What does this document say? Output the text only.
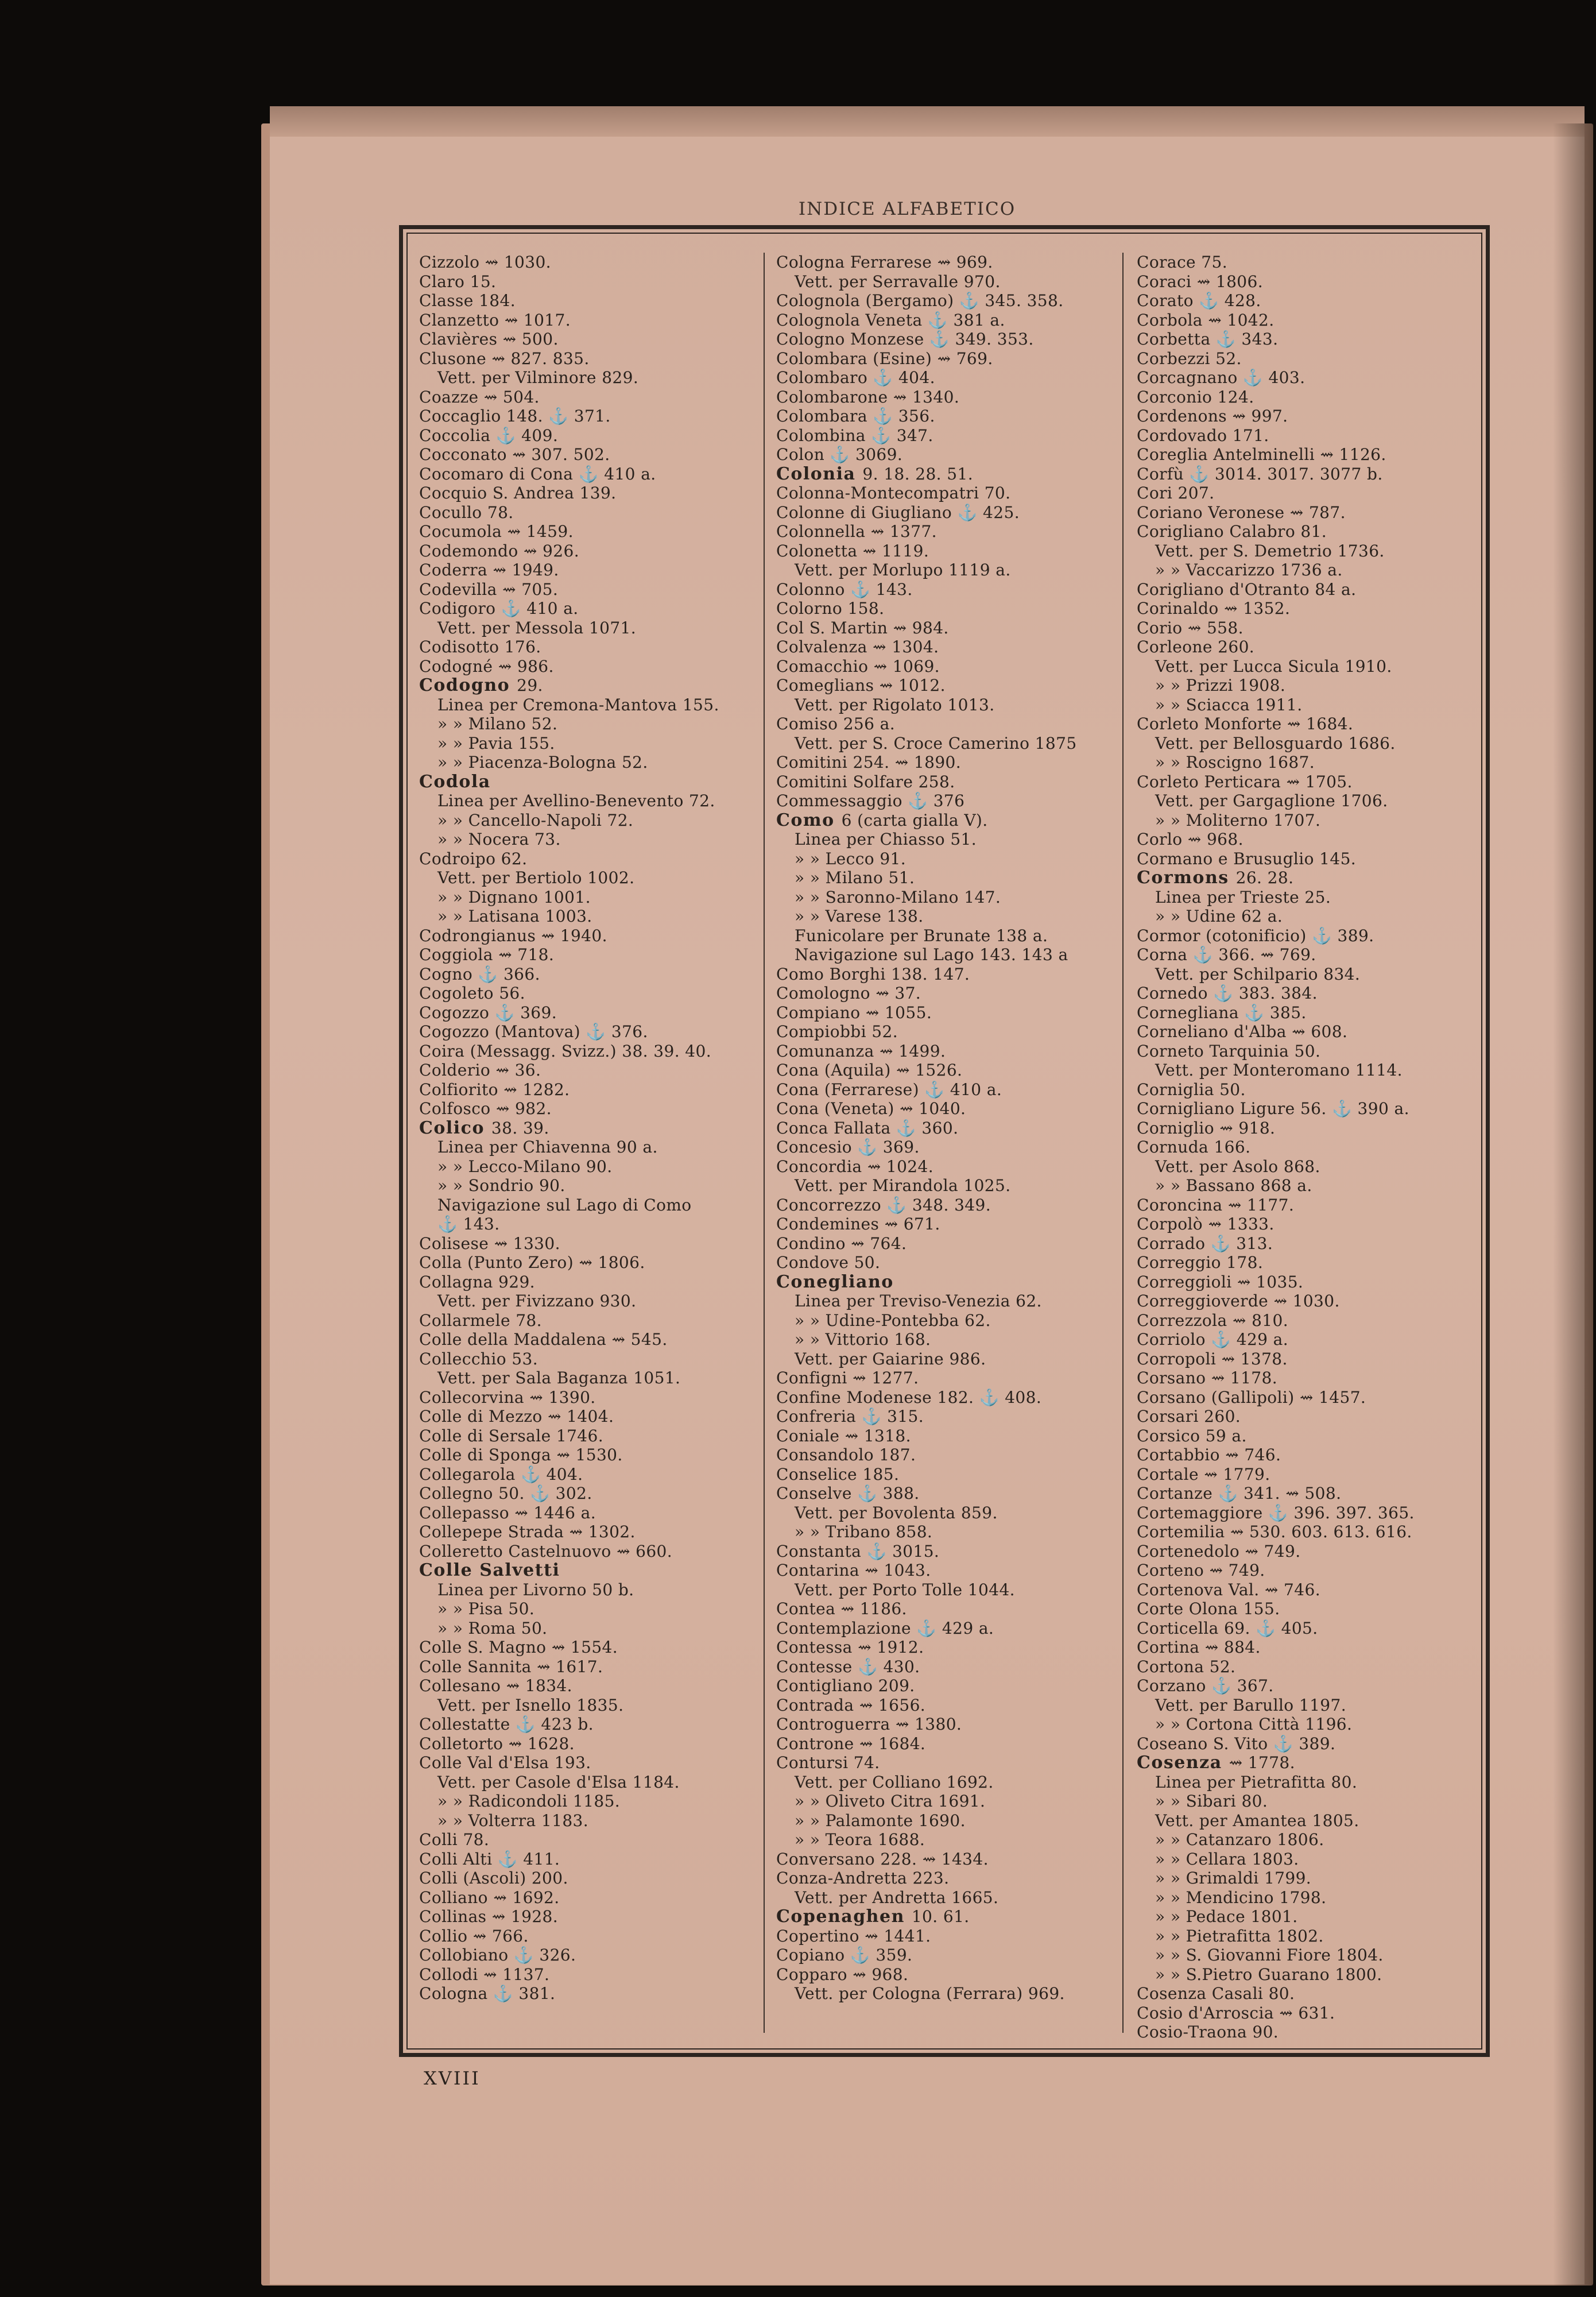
INDICE ALFABETICO
Cizzolo ⇝ 1030.
Claro 15.
Classe 184.
Clanzetto ⇝ 1017.
Clavières ⇝ 500.
Clusone ⇝ 827. 835.
Vett. per Vilminore 829.
Coazze ⇝ 504.
Coccaglio 148. ⚓ 371.
Coccolia ⚓ 409.
Cocconato ⇝ 307. 502.
Cocomaro di Cona ⚓ 410 a.
Cocquio S. Andrea 139.
Cocullo 78.
Cocumola ⇝ 1459.
Codemondo ⇝ 926.
Coderra ⇝ 1949.
Codevilla ⇝ 705.
Codigoro ⚓ 410 a.
Vett. per Messola 1071.
Codisotto 176.
Codogné ⇝ 986.
Codogno 29.
Linea per Cremona-Mantova 155.
» » Milano 52.
» » Pavia 155.
» » Piacenza-Bologna 52.
Codola
Linea per Avellino-Benevento 72.
» » Cancello-Napoli 72.
» » Nocera 73.
Codroipo 62.
Vett. per Bertiolo 1002.
» » Dignano 1001.
» » Latisana 1003.
Codrongianus ⇝ 1940.
Coggiola ⇝ 718.
Cogno ⚓ 366.
Cogoleto 56.
Cogozzo ⚓ 369.
Cogozzo (Mantova) ⚓ 376.
Coira (Messagg. Svizz.) 38. 39. 40.
Colderio ⇝ 36.
Colfiorito ⇝ 1282.
Colfosco ⇝ 982.
Colico 38. 39.
Linea per Chiavenna 90 a.
» » Lecco-Milano 90.
» » Sondrio 90.
Navigazione sul Lago di Como
⚓ 143.
Colisese ⇝ 1330.
Colla (Punto Zero) ⇝ 1806.
Collagna 929.
Vett. per Fivizzano 930.
Collarmele 78.
Colle della Maddalena ⇝ 545.
Collecchio 53.
Vett. per Sala Baganza 1051.
Collecorvina ⇝ 1390.
Colle di Mezzo ⇝ 1404.
Colle di Sersale 1746.
Colle di Sponga ⇝ 1530.
Collegarola ⚓ 404.
Collegno 50. ⚓ 302.
Collepasso ⇝ 1446 a.
Collepepe Strada ⇝ 1302.
Colleretto Castelnuovo ⇝ 660.
Colle Salvetti
Linea per Livorno 50 b.
» » Pisa 50.
» » Roma 50.
Colle S. Magno ⇝ 1554.
Colle Sannita ⇝ 1617.
Collesano ⇝ 1834.
Vett. per Isnello 1835.
Collestatte ⚓ 423 b.
Colletorto ⇝ 1628.
Colle Val d'Elsa 193.
Vett. per Casole d'Elsa 1184.
» » Radicondoli 1185.
» » Volterra 1183.
Colli 78.
Colli Alti ⚓ 411.
Colli (Ascoli) 200.
Colliano ⇝ 1692.
Collinas ⇝ 1928.
Collio ⇝ 766.
Collobiano ⚓ 326.
Collodi ⇝ 1137.
Cologna ⚓ 381.
Cologna Ferrarese ⇝ 969.
Vett. per Serravalle 970.
Colognola (Bergamo) ⚓ 345. 358.
Colognola Veneta ⚓ 381 a.
Cologno Monzese ⚓ 349. 353.
Colombara (Esine) ⇝ 769.
Colombaro ⚓ 404.
Colombarone ⇝ 1340.
Colombara ⚓ 356.
Colombina ⚓ 347.
Colon ⚓ 3069.
Colonia 9. 18. 28. 51.
Colonna-Montecompatri 70.
Colonne di Giugliano ⚓ 425.
Colonnella ⇝ 1377.
Colonetta ⇝ 1119.
Vett. per Morlupo 1119 a.
Colonno ⚓ 143.
Colorno 158.
Col S. Martin ⇝ 984.
Colvalenza ⇝ 1304.
Comacchio ⇝ 1069.
Comeglians ⇝ 1012.
Vett. per Rigolato 1013.
Comiso 256 a.
Vett. per S. Croce Camerino 1875
Comitini 254. ⇝ 1890.
Comitini Solfare 258.
Commessaggio ⚓ 376
Como 6 (carta gialla V).
Linea per Chiasso 51.
» » Lecco 91.
» » Milano 51.
» » Saronno-Milano 147.
» » Varese 138.
Funicolare per Brunate 138 a.
Navigazione sul Lago 143. 143 a
Como Borghi 138. 147.
Comologno ⇝ 37.
Compiano ⇝ 1055.
Compiobbi 52.
Comunanza ⇝ 1499.
Cona (Aquila) ⇝ 1526.
Cona (Ferrarese) ⚓ 410 a.
Cona (Veneta) ⇝ 1040.
Conca Fallata ⚓ 360.
Concesio ⚓ 369.
Concordia ⇝ 1024.
Vett. per Mirandola 1025.
Concorrezzo ⚓ 348. 349.
Condemines ⇝ 671.
Condino ⇝ 764.
Condove 50.
Conegliano
Linea per Treviso-Venezia 62.
» » Udine-Pontebba 62.
» » Vittorio 168.
Vett. per Gaiarine 986.
Configni ⇝ 1277.
Confine Modenese 182. ⚓ 408.
Confreria ⚓ 315.
Coniale ⇝ 1318.
Consandolo 187.
Conselice 185.
Conselve ⚓ 388.
Vett. per Bovolenta 859.
» » Tribano 858.
Constanta ⚓ 3015.
Contarina ⇝ 1043.
Vett. per Porto Tolle 1044.
Contea ⇝ 1186.
Contemplazione ⚓ 429 a.
Contessa ⇝ 1912.
Contesse ⚓ 430.
Contigliano 209.
Contrada ⇝ 1656.
Controguerra ⇝ 1380.
Controne ⇝ 1684.
Contursi 74.
Vett. per Colliano 1692.
» » Oliveto Citra 1691.
» » Palamonte 1690.
» » Teora 1688.
Conversano 228. ⇝ 1434.
Conza-Andretta 223.
Vett. per Andretta 1665.
Copenaghen 10. 61.
Copertino ⇝ 1441.
Copiano ⚓ 359.
Copparo ⇝ 968.
Vett. per Cologna (Ferrara) 969.
Corace 75.
Coraci ⇝ 1806.
Corato ⚓ 428.
Corbola ⇝ 1042.
Corbetta ⚓ 343.
Corbezzi 52.
Corcagnano ⚓ 403.
Corconio 124.
Cordenons ⇝ 997.
Cordovado 171.
Coreglia Antelminelli ⇝ 1126.
Corfù ⚓ 3014. 3017. 3077 b.
Cori 207.
Coriano Veronese ⇝ 787.
Corigliano Calabro 81.
Vett. per S. Demetrio 1736.
» » Vaccarizzo 1736 a.
Corigliano d'Otranto 84 a.
Corinaldo ⇝ 1352.
Corio ⇝ 558.
Corleone 260.
Vett. per Lucca Sicula 1910.
» » Prizzi 1908.
» » Sciacca 1911.
Corleto Monforte ⇝ 1684.
Vett. per Bellosguardo 1686.
» » Roscigno 1687.
Corleto Perticara ⇝ 1705.
Vett. per Gargaglione 1706.
» » Moliterno 1707.
Corlo ⇝ 968.
Cormano e Brusuglio 145.
Cormons 26. 28.
Linea per Trieste 25.
» » Udine 62 a.
Cormor (cotonificio) ⚓ 389.
Corna ⚓ 366. ⇝ 769.
Vett. per Schilpario 834.
Cornedo ⚓ 383. 384.
Cornegliana ⚓ 385.
Corneliano d'Alba ⇝ 608.
Corneto Tarquinia 50.
Vett. per Monteromano 1114.
Corniglia 50.
Cornigliano Ligure 56. ⚓ 390 a.
Corniglio ⇝ 918.
Cornuda 166.
Vett. per Asolo 868.
» » Bassano 868 a.
Coroncina ⇝ 1177.
Corpolò ⇝ 1333.
Corrado ⚓ 313.
Correggio 178.
Correggioli ⇝ 1035.
Correggioverde ⇝ 1030.
Correzzola ⇝ 810.
Corriolo ⚓ 429 a.
Corropoli ⇝ 1378.
Corsano ⇝ 1178.
Corsano (Gallipoli) ⇝ 1457.
Corsari 260.
Corsico 59 a.
Cortabbio ⇝ 746.
Cortale ⇝ 1779.
Cortanze ⚓ 341. ⇝ 508.
Cortemaggiore ⚓ 396. 397. 365.
Cortemilia ⇝ 530. 603. 613. 616.
Cortenedolo ⇝ 749.
Corteno ⇝ 749.
Cortenova Val. ⇝ 746.
Corte Olona 155.
Corticella 69. ⚓ 405.
Cortina ⇝ 884.
Cortona 52.
Corzano ⚓ 367.
Vett. per Barullo 1197.
» » Cortona Città 1196.
Coseano S. Vito ⚓ 389.
Cosenza ⇝ 1778.
Linea per Pietrafitta 80.
» » Sibari 80.
Vett. per Amantea 1805.
» » Catanzaro 1806.
» » Cellara 1803.
» » Grimaldi 1799.
» » Mendicino 1798.
» » Pedace 1801.
» » Pietrafitta 1802.
» » S. Giovanni Fiore 1804.
» » S.Pietro Guarano 1800.
Cosenza Casali 80.
Cosio d'Arroscia ⇝ 631.
Cosio-Traona 90.
XVIII
